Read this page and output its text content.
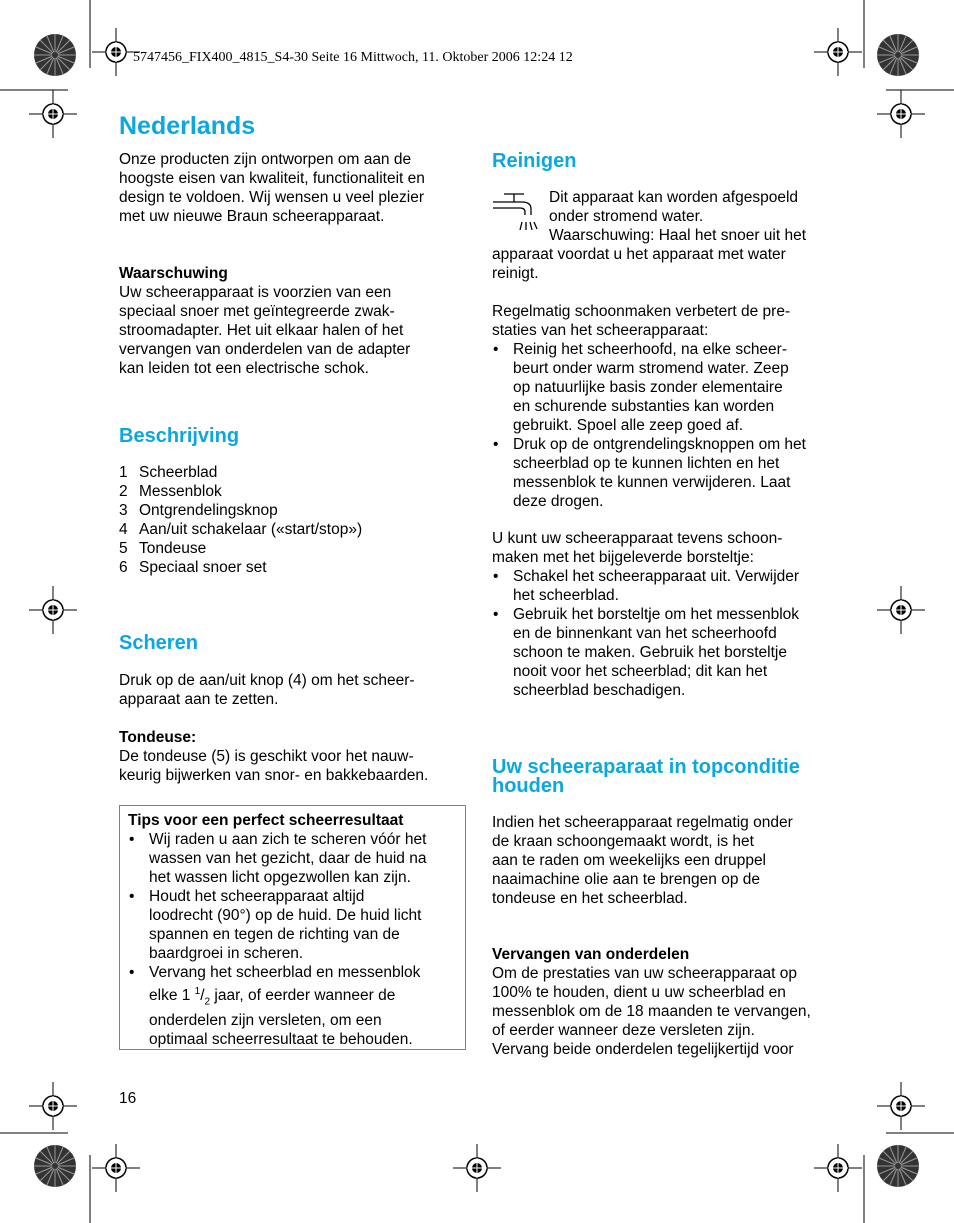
5747456_FIX400_4815_S4-30 Seite 16 Mittwoch, 11. Oktober 2006 12:24 12
Nederlands
Onze producten zijn ontworpen om aan de
hoogste eisen van kwaliteit, functionaliteit en
design te voldoen. Wij wensen u veel plezier
met uw nieuwe Braun scheerapparaat.
Waarschuwing
Uw scheerapparaat is voorzien van een
speciaal snoer met geïntegreerde zwak-
stroomadapter. Het uit elkaar halen of het
vervangen van onderdelen van de adapter
kan leiden tot een electrische schok.
Beschrijving
1 Scheerblad
2 Messenblok
3 Ontgrendelingsknop
4 Aan/uit schakelaar («start/stop»)
5 Tondeuse
6 Speciaal snoer set
Scheren
Druk op de aan/uit knop (4) om het scheer-
apparaat aan te zetten.
Tondeuse:
De tondeuse (5) is geschikt voor het nauw-
keurig bijwerken van snor- en bakkebaarden.
Tips voor een perfect scheerresultaat
• Wij raden u aan zich te scheren vóór het
wassen van het gezicht, daar de huid na
het wassen licht opgezwollen kan zijn.
• Houdt het scheerapparaat altijd
loodrecht (90°) op de huid. De huid licht
spannen en tegen de richting van de
baardgroei in scheren.
• Vervang het scheerblad en messenblok
elke 1 $^1/_2$ jaar, of eerder wanneer de
onderdelen zijn versleten, om een
optimaal scheerresultaat te behouden.
16
Reinigen
Dit apparaat kan worden afgespoeld
onder stromend water.
Waarschuwing: Haal het snoer uit het
apparaat voordat u het apparaat met water
reinigt.
Regelmatig schoonmaken verbetert de pre-
staties van het scheerapparaat:
• Reinig het scheerhoofd, na elke scheer-
beurt onder warm stromend water. Zeep
op natuurlijke basis zonder elementaire
en schurende substanties kan worden
gebruikt. Spoel alle zeep goed af.
• Druk op de ontgrendelingsknoppen om het
scheerblad op te kunnen lichten en het
messenblok te kunnen verwijderen. Laat
deze drogen.
U kunt uw scheerapparaat tevens schoon-
maken met het bijgeleverde borsteltje:
• Schakel het scheerapparaat uit. Verwijder
het scheerblad.
• Gebruik het borsteltje om het messenblok
en de binnenkant van het scheerhoofd
schoon te maken. Gebruik het borsteltje
nooit voor het scheerblad; dit kan het
scheerblad beschadigen.
Uw scheeraparaat in topconditie
houden
Indien het scheerapparaat regelmatig onder
de kraan schoongemaakt wordt, is het
aan te raden om weekelijks een druppel
naaimachine olie aan te brengen op de
tondeuse en het scheerblad.
Vervangen van onderdelen
Om de prestaties van uw scheerapparaat op
100% te houden, dient u uw scheerblad en
messenblok om de 18 maanden te vervangen,
of eerder wanneer deze versleten zijn.
Vervang beide onderdelen tegelijkertijd voor
